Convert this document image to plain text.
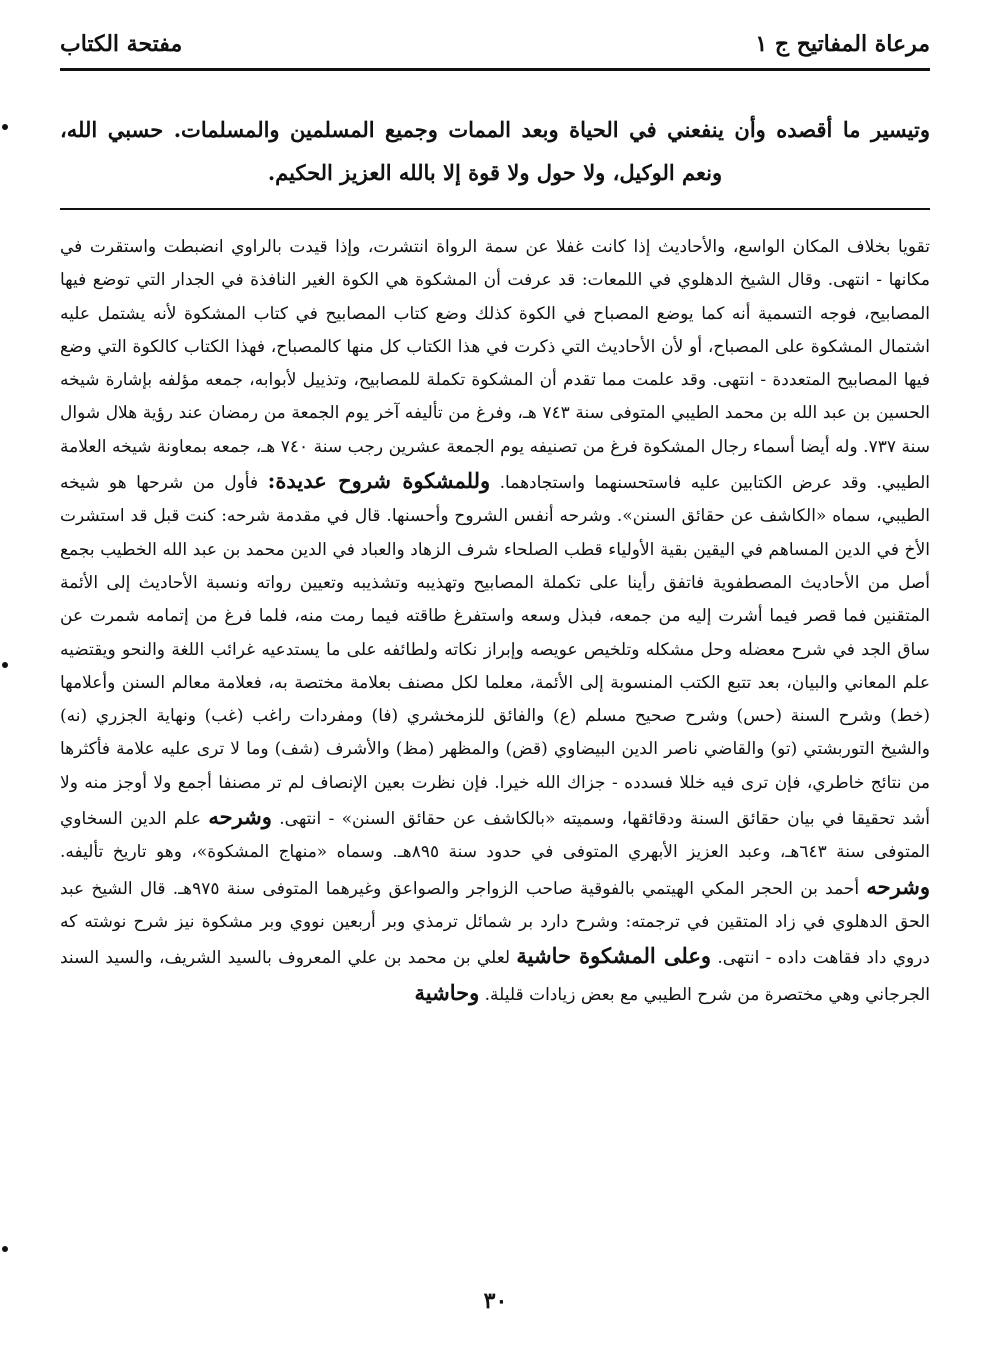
مرعاة المفاتيح ج ١
مفتحة الكتاب
وتيسير ما أقصده وأن ينفعني في الحياة وبعد الممات وجميع المسلمين والمسلمات. حسبي الله، ونعم الوكيل، ولا حول ولا قوة إلا بالله العزيز الحكيم.

تقويا بخلاف المكان الواسع، والأحاديث إذا كانت غفلا عن سمة الرواة انتشرت، وإذا قيدت بالراوي انضبطت واستقرت في مكانها - انتهى. وقال الشيخ الدهلوي في اللمعات: قد عرفت أن المشكوة هي الكوة الغير النافذة في الجدار التي توضع فيها المصابيح، فوجه التسمية أنه كما يوضع المصباح في الكوة كذلك وضع كتاب المصابيح في كتاب المشكوة لأنه يشتمل عليه اشتمال المشكوة على المصباح، أو لأن الأحاديث التي ذكرت في هذا الكتاب كل منها كالمصباح، فهذا الكتاب كالكوة التي وضع فيها المصابيح المتعددة - انتهى. وقد علمت مما تقدم أن المشكوة تكملة للمصابيح، وتذييل لأبوابه، جمعه مؤلفه بإشارة شيخه الحسين بن عبد الله بن محمد الطيبي المتوفى سنة ٧٤٣ هـ، وفرغ من تأليفه آخر يوم الجمعة من رمضان عند رؤية هلال شوال سنة ٧٣٧. وله أيضا أسماء رجال المشكوة فرغ من تصنيفه يوم الجمعة عشرين رجب سنة ٧٤٠ هـ، جمعه بمعاونة شيخه العلامة الطيبي. وقد عرض الكتابين عليه فاستحسنهما واستجادهما. وللمشكوة شروح عديدة: فأول من شرحها هو شيخه الطيبي، سماه «الكاشف عن حقائق السنن». وشرحه أنفس الشروح وأحسنها. قال في مقدمة شرحه: كنت قبل قد استشرت الأخ في الدين المساهم في اليقين بقية الأولياء قطب الصلحاء شرف الزهاد والعباد في الدين محمد بن عبد الله الخطيب بجمع أصل من الأحاديث المصطفوية فاتفق رأينا على تكملة المصابيح وتهذيبه وتشذيبه وتعيين رواته ونسبة الأحاديث إلى الأئمة المتقنين فما قصر فيما أشرت إليه من جمعه، فبذل وسعه واستفرغ طاقته فيما رمت منه، فلما فرغ من إتمامه شمرت عن ساق الجد في شرح معضله وحل مشكله وتلخيص عويصه وإبراز نكاته ولطائفه على ما يستدعيه غرائب اللغة والنحو ويقتضيه علم المعاني والبيان، بعد تتبع الكتب المنسوبة إلى الأئمة، معلما لكل مصنف بعلامة مختصة به، فعلامة معالم السنن وأعلامها (خط) وشرح السنة (حس) وشرح صحيح مسلم (ع) والفائق للزمخشري (فا) ومفردات راغب (غب) ونهاية الجزري (نه) والشيخ التوربشتي (تو) والقاضي ناصر الدين البيضاوي (قض) والمظهر (مظ) والأشرف (شف) وما لا ترى عليه علامة فأكثرها من نتائج خاطري، فإن ترى فيه خللا فسدده - جزاك الله خيرا. فإن نظرت بعين الإنصاف لم تر مصنفا أجمع ولا أوجز منه ولا أشد تحقيقا في بيان حقائق السنة ودقائقها، وسميته «بالكاشف عن حقائق السنن» - انتهى. وشرحه علم الدين السخاوي المتوفى سنة ٦٤٣هـ، وعبد العزيز الأبهري المتوفى في حدود سنة ٨٩٥هـ. وسماه «منهاج المشكوة»، وهو تاريخ تأليفه. وشرحه أحمد بن الحجر المكي الهيتمي بالفوقية صاحب الزواجر والصواعق وغيرهما المتوفى سنة ٩٧٥هـ. قال الشيخ عبد الحق الدهلوي في زاد المتقين في ترجمته: وشرح دارد بر شمائل ترمذي وبر أربعين نووي وبر مشكوة نيز شرح نوشته كه دروي داد فقاهت داده - انتهى. وعلى المشكوة حاشية لعلي بن محمد بن علي المعروف بالسيد الشريف، والسيد السند الجرجاني وهي مختصرة من شرح الطيبي مع بعض زيادات قليلة. وحاشية

٣٠
